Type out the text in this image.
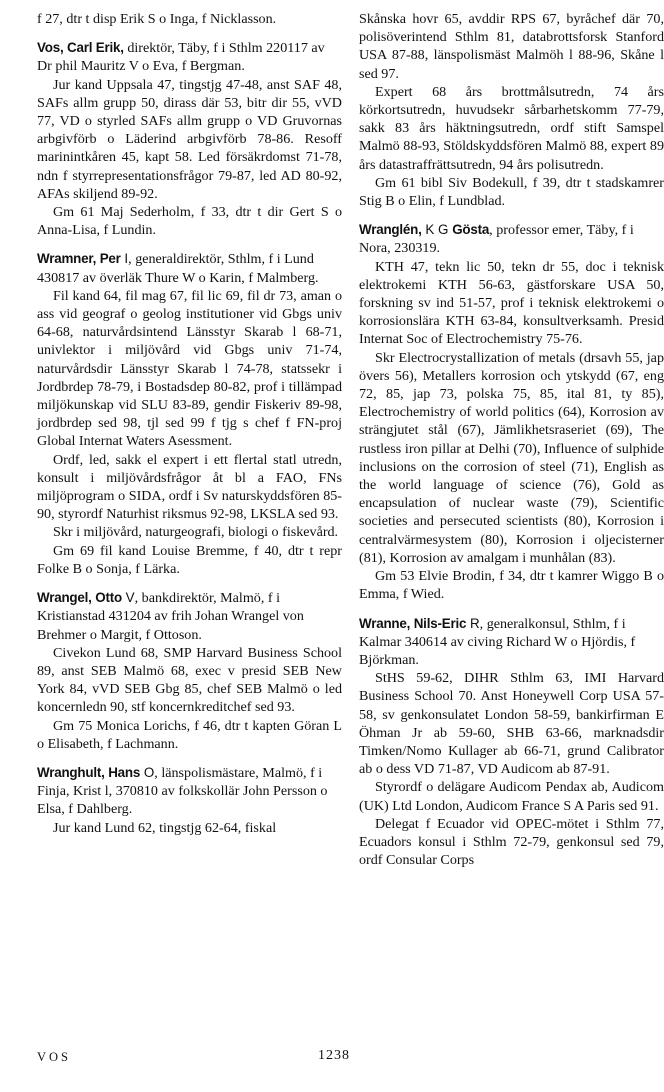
f 27, dtr t disp Erik S o Inga, f Nicklasson.

Vos, Carl Erik, direktör, Täby, f i Sthlm 220117 av Dr phil Mauritz V o Eva, f Bergman.

Jur kand Uppsala 47, tingstjg 47-48, anst SAF 48, SAFs allm grupp 50, dirass där 53, bitr dir 55, vVD 77, VD o styrled SAFs allm grupp o VD Gruvornas arbgivförb o Läderind arbgivförb 78-86. Resoff marinintkåren 45, kapt 58. Led försäkrdomst 71-78, ndn f styrrepresentationsfrågor 79-87, led AD 80-92, AFAs skiljend 89-92.

Gm 61 Maj Sederholm, f 33, dtr t dir Gert S o Anna-Lisa, f Lundin.

Wramner, Per I, generaldirektör, Sthlm, f i Lund 430817 av överläk Thure W o Karin, f Malmberg.

Fil kand 64, fil mag 67, fil lic 69, fil dr 73, aman o ass vid geograf o geolog institutioner vid Gbgs univ 64-68, naturvårdsintend Länsstyr Skarab l 68-71, univlektor i miljövård vid Gbgs univ 71-74, naturvårdsdir Länsstyr Skarab l 74-78, statssekr i Jordbrdep 78-79, i Bostadsdep 80-82, prof i tillämpad miljökunskap vid SLU 83-89, gendir Fiskeriv 89-98, jordbrdep sed 98, tjl sed 99 f tjg s chef f FN-proj Global Internat Waters Asessment.

Ordf, led, sakk el expert i ett flertal statl utredn, konsult i miljövårdsfrågor åt bl a FAO, FNs miljöprogram o SIDA, ordf i Sv naturskyddsfören 85-90, styrordf Naturhist riksmus 92-98, LKSLA sed 93.

Skr i miljövård, naturgeografi, biologi o fiskevård.

Gm 69 fil kand Louise Bremme, f 40, dtr t repr Folke B o Sonja, f Lärka.

Wrangel, Otto V, bankdirektör, Malmö, f i Kristianstad 431204 av frih Johan Wrangel von Brehmer o Margit, f Ottoson.

Civekon Lund 68, SMP Harvard Business School 89, anst SEB Malmö 68, exec v presid SEB New York 84, vVD SEB Gbg 85, chef SEB Malmö o led koncernledn 90, stf koncernkreditchef sed 93.

Gm 75 Monica Lorichs, f 46, dtr t kapten Göran L o Elisabeth, f Lachmann.

Wranghult, Hans O, länspolismästare, Malmö, f i Finja, Krist l, 370810 av folkskollär John Persson o Elsa, f Dahlberg.

Jur kand Lund 62, tingstjg 62-64, fiskal

Skånska hovr 65, avddir RPS 67, byråchef där 70, polisöverintend Sthlm 81, databrottsforsk Stanford USA 87-88, länspolismäst Malmöh l 88-96, Skåne l sed 97.

Expert 68 års brottmålsutredn, 74 års körkortsutredn, huvudsekr sårbarhetskomm 77-79, sakk 83 års häktningsutredn, ordf stift Samspel Malmö 88-93, Stöldskyddsfören Malmö 88, expert 89 års datastraffrättsutredn, 94 års polisutredn.

Gm 61 bibl Siv Bodekull, f 39, dtr t stadskamrer Stig B o Elin, f Lundblad.

Wranglén, K G Gösta, professor emer, Täby, f i Nora, 230319.

KTH 47, tekn lic 50, tekn dr 55, doc i teknisk elektrokemi KTH 56-63, gästforskare USA 50, forskning sv ind 51-57, prof i teknisk elektrokemi o korrosionslära KTH 63-84, konsultverksamh. Presid Internat Soc of Electrochemistry 75-76.

Skr Electrocrystallization of metals (drsavh 55, jap övers 56), Metallers korrosion och ytskydd (67, eng 72, 85, jap 73, polska 75, 85, ital 81, ty 85), Electrochemistry of world politics (64), Korrosion av strängjutet stål (67), Jämlikhetsraseriet (69), The rustless iron pillar at Delhi (70), Influence of sulphide inclusions on the corrosion of steel (71), English as the world language of science (76), Gold as encapsulation of nuclear waste (79), Scientific societies and persecuted scientists (80), Korrosion i centralvärmesystem (80), Korrosion i oljecisterner (81), Korrosion av amalgam i munhålan (83).

Gm 53 Elvie Brodin, f 34, dtr t kamrer Wiggo B o Emma, f Wied.

Wranne, Nils-Eric R, generalkonsul, Sthlm, f i Kalmar 340614 av civing Richard W o Hjördis, f Björkman.

StHS 59-62, DIHR Sthlm 63, IMI Harvard Business School 70. Anst Honeywell Corp USA 57-58, sv genkonsulatet London 58-59, bankirfirman E Öhman Jr ab 59-60, SHB 63-66, marknadsdir Timken/Nomo Kullager ab 66-71, grund Calibrator ab o dess VD 71-87, VD Audicom ab 87-91.

Styrordf o delägare Audicom Pendax ab, Audicom (UK) Ltd London, Audicom France S A Paris sed 91.

Delegat f Ecuador vid OPEC-mötet i Sthlm 77, Ecuadors konsul i Sthlm 72-79, genkonsul sed 79, ordf Consular Corps

VOS	1238
